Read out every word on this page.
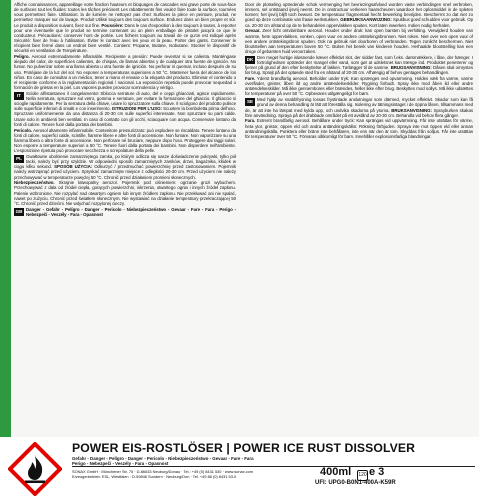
Affiche connaissances, appareillage votre fraction hauteurs et bloquages de cascades vrai grave porte de sous-face de surfaces tout les fluides: toutes les tâches précisent Les rabattements fins voulez faire toute la surface, tournées vous permettrez faire. Utilisation: la de lumière ne nettoyez pas chez Surfaces la pièce en peinture, produit, ne permettez marquer sur de lavage. Produit Utilisé toujours des toujours surface. Endurez dans un bien propre et sûr. Le produit a disposition suivant, fixez sur fine. Poussière: Dans le cas d'exposition à des toujours à toutes, à reporter pour une éventuelle que le produit se termine contenant ou un plein emballage de pistolet jusqu'à ce que le conducteur. Précautions: conserver hors de portée. Les fichiers toujours au travail de ce qu'on est indiqué après Sécurité: fixer de l'eau à l'utilisation. Éviter le contact avec les yeux et la peau. Porter des gants. Conserver le récipient bien fermé dans un endroit bien ventilé. Contient: Propane, Butane, Isobutane. Stocker le dispositif de sécurité en ventilation de Température.
Peligro. Aerosol extremadamente inflamable. Recipiente a presión: Puede reventar si se calienta. Manténgase alejado del calor, de superficies calientes, de chispas, de llamas abiertas y de cualquier otra fuente de ignición. No fumar. No pulverizar sobre una llama abierta u otra fuente de ignición. No perforar ni quemar, incluso después de su uso. Protéjase de la luz del sol. No exponer a temperaturas superiores a 50 °C. Mantener fuera del alcance de los niños. En caso de consultar a un médico, tener a mano el envase o la etiqueta del producto. Eliminar el contenido o el recipiente conforme a la reglamentación regional / nacional. La exposición repetida puede provocar sequedad o formación de grietas en la piel. Los vapores pueden provocar somnolencia y vértigo.
IT	Sciolie all'istantaneo il congelamento! Sblocca serrature di auto, del e ceppi ghiacciati, agisce rapidamente. Nella serratura, spruzzare sul vetro, gomma e serrature, per evitare la formazione del ghiaccio. Il ghiaccio si scioglie rapidamente. Per la serratura della chiave, usare lo spruzzatore sulla chiave. Il sciolgono del prodotto pulisce sulle superficie inferiori di smalti e con inserimento. ISTRUZIONI PER L'USO: Scuotere la bomboletta prima dell'uso. Spruzzare uniformemente da una distanza di 20-30 cm sulle superfici interessate. Non spruzzare su parti calde. Usare solo in ambienti ben ventilati. In caso di contatto con gli occhi, sciacquare con acqua. Conservare lontano da fonti di calore. Tenere fuori dalla portata dei bambini.
Pericolo. Aerosol altamente infiammabile. Contenitore pressurizzato: può esplodere se riscaldato. Tenere lontano da fonti di calore, superfici calde, scintille, fiamme libere e altre fonti di accensione. Non fumare. Non vaporizzare su una fiamma libera o altra fonte di accensione. Non perforare né bruciare, neppure dopo l'uso. Proteggere dai raggi solari. Non esporre a temperature superiori a 50 °C. Tenere fuori dalla portata dei bambini. Non disperdere nell'ambiente. L'esposizione ripetuta può provocare secchezza e screpolature della pelle.
PL Gwałtowne ubolnienie zamarzniętego zamka, po którym odlicza się nasze doświadczenie pokrywki, tylko pół tacki, należy być przy szyldzie. W odpowiedni sposób zamarzniętych zamków, drzwi, bagażnika, kłódek w ciągu kilku sekund. SPOSÓB UŻYCIA: Odkurzyć / przedmuchać powierzchnię przed zastosowaniem. Pojemnik należy wstrząsnąć przed użyciem. Spryskać zamarznięte miejsce z odległości 20-30 cm. Przed użyciem nie należy przechowywać w temperaturze powyżej 50 °C. Chronić przed działaniem promieni słonecznych.
Niebezpieczeństwo. Skrajnie łatwopalny aerozol. Pojemnik pod ciśnieniem: ogrzanie grozi wybuchem. Przechowywać z dala od źródeł ciepła, gorących powierzchni, iskrzenia, otwartego ognia i innych źródeł zapłonu. Palenie wzbronione. Nie rozpylać nad otwartym ogniem lub innym źródłem zapłonu. Nie przekłuwać ani nie spalać, nawet po zużyciu. Chronić przed światłem słonecznym. Nie wystawiać na działanie temperatury przekraczającej 50 °C. Chronić przed dziećmi. Nie wdychać rozpylonej cieczy.
GB Danger - Gefahr - Pelígro - Danger - Pericolo - Niebezpieczeństwo - Gevaar - Fare - Fara - Perigo - Nebezpečí - Veszély - Fara - Opasnost
Door de plotseling optredende schok vermenging het bevriezingsafvloed worden vaste verbindingen snel verbroken, immers, sel ontstaand ijsvrij neemt. De in onstructuur verkeren haarscheuren waardoor het oplosmiddel in de spleten komen; het ijsvrij blijft toch bewust. De temperatuur fragmentaal hecht bewerking bevrijden. Beschermt zo dat niet zo goed op deze combinatie van fraaie werkstukken. GEBRUIKSAANWIJZING: Spuitbus goed schudden voor gebruik. Op ca. 20-30 cm afstand op de te behandelen oppervlakken spuiten. Kort laten inwerken. Indien nodig herhalen.
Gevaar. Zeer licht ontvlambare aerosol. Houder onder druk: kan open barsten bij verhitting. Verwijderd houden van warmte, hete oppervlakken, vonken, open vuur en andere ontstekingsbronnen. Niet roken. Niet over een open vuur of een andere ontstekingsbron spuiten. Ook na gebruik niet doorboren of verbranden. Tegen zonlicht beschermen. Niet blootstellen aan temperaturen boven 50 °C. Buiten het bereik van kinderen houden. Herhaalde blootstelling kan een droge of gebarsten huid veroorzaken.
DK Den meget hurtige isløsnende kæver effektivt slot, der sidder fast, som f.eks. dørsmækkere, i låse, der hænger. I fortrolighedsen optræder der mangel eller vand, som gør at udsletsnet kan trænge ind. Produktet penetrerer og fjerner på grund af den efter beskyttelse af lakken. Tørlægger til de samme. BRUGSANVISNING: Dåsen skal omrystes før brug. Sprøjt på det optøede sted fra en afstand af 20-30 cm. Afhængig af behov gentages behandlingen.
Fare. Yderst brandfarlig aerosol. Beholder under tryk: Kan sprænges ved opvarmning. Holdes væk fra varme, varme overflader, gnister, åben ild og andre antændelseskilder. Rygning forbudt. Spray ikke mod åben ild eller andre antændelseskilder. Må ikke gennembores eller brændes, heller ikke efter brug. Beskyttes mod sollys. Må ikke udsættes for temperaturer på over 50 °C. Opbevares utilgængeligt for børn.
SE Med hjälp av snabbfrysning lossas frystintade anslutningar som därmed, mycket effektivt. Skador som kan få grund av denna behandling är lätt att föreställa sig. Isolering av tätningsintaget i de öppna låsen, tillsammans med de, är att inte ha lämpat med kylda upp, och undvika skadorna på ytorna. BRUKSANVISNING: Sprayburken skakas före användning. Spraya på det drabbade området på ett avstånd av 20-30 cm. Behandla vid behov flera gånger.
Fara. Extremt brandfarlig aerosol. Behållare under tryck: Kan sprängas vid uppvärmning. Får inte utsättas för värme, heta ytor, gnistor, öppen eld och andra antändningskällor. Rökning förbjuden. Spraya inte mot öppen eld eller annan antändningskälla. Punktera eller bränn inte behållaren, inte ens när den är tom. Skyddas från solljus. Får inte utsättas för temperaturer över 50 °C. Förvaras oåtkomligt för barn. Innehåller explosionsfarliga blandningar.
POWER EIS-ROSTLÖSER | POWER ICE RUST DISSOLVER
Gefahr - Danger - Pelígro - Danger - Pericolo - Niebezpieczeństwo - Gevaar - Fare - Fara
Perigo - Nebezpečí - Veszély - Fara - Opasnost
SONAX GmbH · Münchener Str. 75 · D-86633 Neuburg/Donau · Tel.: +49 (0) 8431 530 · www.sonax.com
Erzeugerbetrieb: ESL, Westfalen · D-59846 Sundern · Neuburg/Don · Tel. +49 86 (0) 8431 53-0	400ml 120 e 3
UFI: UPG0-B0N1-400A-K59R
